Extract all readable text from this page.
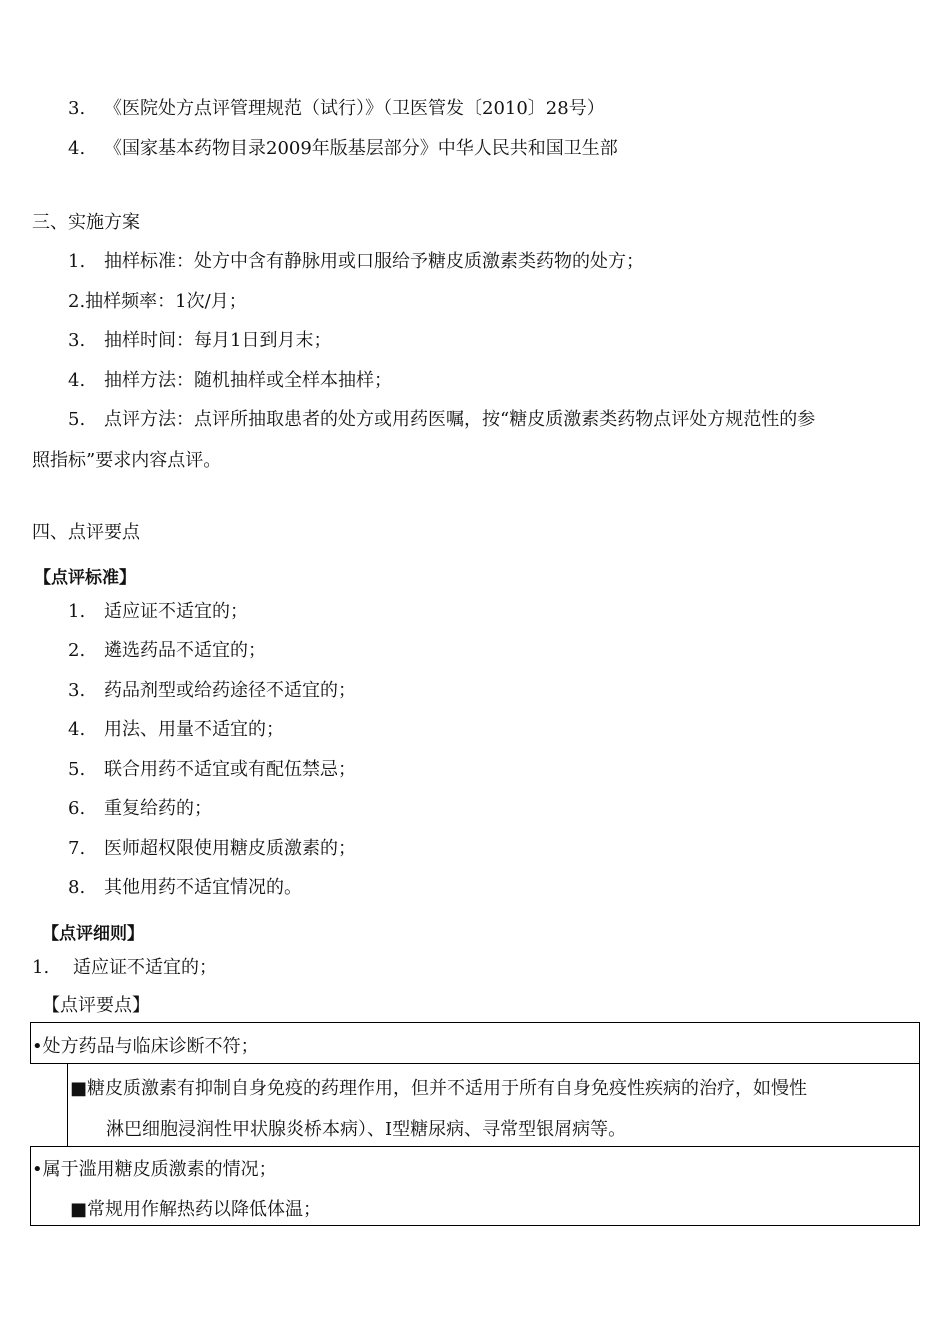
3. 《医院处方点评管理规范（试行）》（卫医管发〔2010〕28号）
4. 《国家基本药物目录2009年版基层部分》中华人民共和国卫生部
三、实施方案
1. 抽样标准：处方中含有静脉用或口服给予糖皮质激素类药物的处方；
2.抽样频率：1次/月；
3. 抽样时间：每月1日到月末；
4. 抽样方法：随机抽样或全样本抽样；
5. 点评方法：点评所抽取患者的处方或用药医嘱，按“糖皮质激素类药物点评处方规范性的参
照指标”要求内容点评。
四、点评要点
【点评标准】
1. 适应证不适宜的；
2. 遴选药品不适宜的；
3. 药品剂型或给药途径不适宜的；
4. 用法、用量不适宜的；
5. 联合用药不适宜或有配伍禁忌；
6. 重复给药的；
7. 医师超权限使用糖皮质激素的；
8. 其他用药不适宜情况的。
【点评细则】
1. 适应证不适宜的；
【点评要点】
•处方药品与临床诊断不符；
■糖皮质激素有抑制自身免疫的药理作用，但并不适用于所有自身免疫性疾病的治疗，如慢性
淋巴细胞浸润性甲状腺炎桥本病）、I型糖尿病、寻常型银屑病等。
•属于滥用糖皮质激素的情况；
■常规用作解热药以降低体温；
